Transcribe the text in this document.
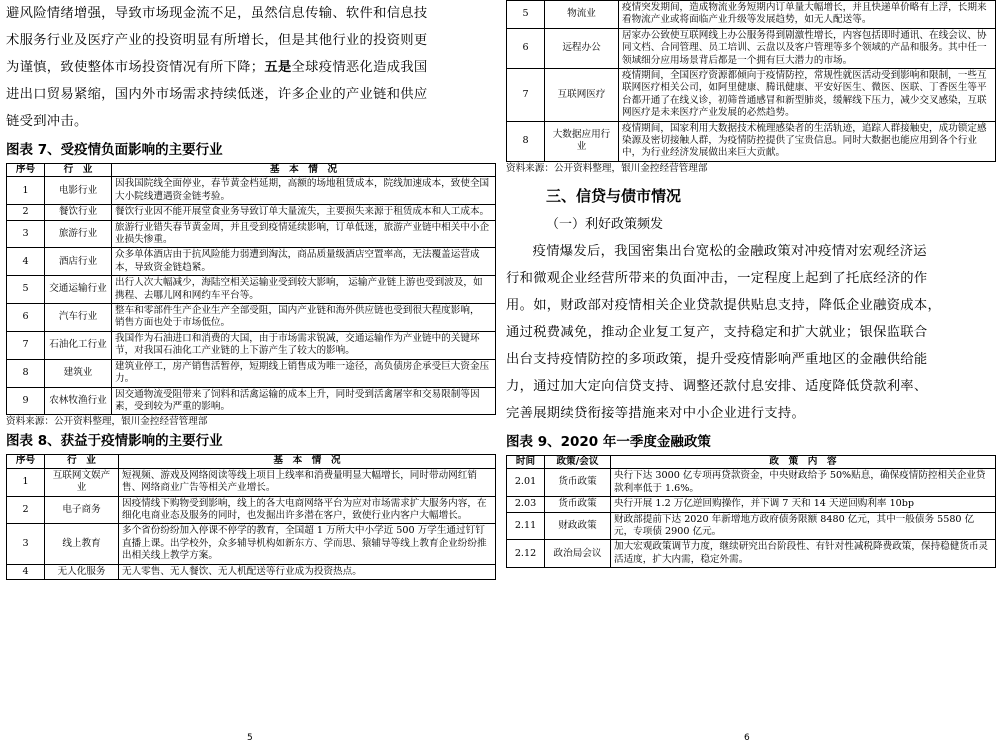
避风险情绪增强，导致市场现金流不足，虽然信息传输、软件和信息技

术服务行业及医疗产业的投资明显有所增长，但是其他行业的投资则更

为谨慎，致使整体市场投资情况有所下降；五是全球疫情恶化造成我国

进出口贸易紧缩，国内外市场需求持续低迷，许多企业的产业链和供应

链受到冲击。

图表 7、受疫情负面影响的主要行业

序号	行　业	基　本　情　况
1	电影行业	因我国院线全面停业，春节黄金档延期，高额的场地租赁成本，院线加速成本，致使全国大小院线遭遇资金链考验。
2	餐饮行业	餐饮行业因不能开展堂食业务导致订单大量流失，主要损失来源于租赁成本和人工成本。
3	旅游行业	旅游行业错失春节黄金周，并且受到疫情延续影响，订单低迷，旅游产业链中相关中小企业损失惨重。
4	酒店行业	众多单体酒店由于抗风险能力弱遭到淘汰，商品质量级酒店空置率高，无法覆盖运营成本，导致资金链趋紧。
5	交通运输行业	出行人次大幅减少，海陆空相关运输业受到较大影响， 运输产业链上游也受到波及，如携程、去哪儿网和网约车平台等。
6	汽车行业	整车和零部件生产企业生产全部受阻，国内产业链和海外供应链也受到很大程度影响， 销售方面也处于市场低位。
7	石油化工行业	我国作为石油进口和消费的大国，由于市场需求锐减，交通运输作为产业链中的关键环节，对我国石油化工产业链的上下游产生了较大的影响。
8	建筑业	建筑业停工，房产销售活暂停，短期线上销售成为唯一途径，高负债房企承受巨大资金压力。
9	农林牧渔行业	因交通物流受阻带来了饲料和活禽运输的成本上升，同时受到活禽屠宰和交易限制等因素，受到较为严重的影响。

资料来源：公开资料整理，银川金控经营管理部

图表 8、获益于疫情影响的主要行业

序号	行　业	基　本　情　况
1	互联网文娱产业	短视频、游戏及网络阅读等线上项目上线率和消费量明显大幅增长，同时带动网红销售、网络商业广告等相关产业增长。
2	电子商务	因疫情线下购物受到影响，线上的各大电商网络平台为应对市场需求扩大服务内容，在细化电商业态及服务的同时，也发掘出许多潜在客户，致使行业内客户大幅增长。
3	线上教育	多个省份纷纷加入停课不停学的教育，全国超 1 万所大中小学近 500 万学生通过钉钉直播上课。出学校外，众多辅导机构如新东方、学而思、猿辅导等线上教育企业纷纷推出相关线上教学方案。
4	无人化服务	无人零售、无人餐饮、无人机配送等行业成为投资热点。
5
5	物流业	疫情突发期间，造成物流业务短期内订单量大幅增长，并且快递单价略有上浮，长期来看物流产业或将面临产业升级等发展趋势，如无人配送等。
6	远程办公	居家办公致使互联网线上办公服务得到剧激性增长，内容包括即时通讯、在线会议、协同文档、合同管理、员工培训、云盘以及客户管理等多个领域的产品和服务。其中任一领域细分应用场景背后都是一个拥有巨大潜力的市场。
7	互联网医疗	疫情期间，全国医疗资源都倾向于疫情防控，常规性就医活动受到影响和限制，一些互联网医疗相关公司，如阿里健康、腾讯健康、平安好医生、微医、医联、丁香医生等平台都开通了在线义诊，初筛普通感冒和新型肺炎，缓解线下压力，减少交叉感染，互联网医疗是未来医疗产业发展的必然趋势。
8	大数据应用行业	疫情期间，国家利用大数据技术梳理感染者的生活轨迹，追踪人群接触史，成功锁定感染源及密切接触人群，为疫情防控提供了宝贵信息。同时大数据也能应用到各个行业中，为行业经济发展做出来巨大贡献。

资料来源：公开资料整理，银川金控经营管理部

三、信贷与债市情况

（一）利好政策频发

疫情爆发后，我国密集出台宽松的金融政策对冲疫情对宏观经济运

行和微观企业经营所带来的负面冲击，一定程度上起到了托底经济的作

用。如，财政部对疫情相关企业贷款提供贴息支持，降低企业融资成本，

通过税费减免，推动企业复工复产，支持稳定和扩大就业；银保监联合

出台支持疫情防控的多项政策，提升受疫情影响严重地区的金融供给能

力，通过加大定向信贷支持、调整还款付息安排、适度降低贷款利率、

完善展期续贷衔接等措施来对中小企业进行支持。

图表 9、2020 年一季度金融政策

时间	政策/会议	政　策　内　容
2.01	货币政策	央行下达 3000 亿专项再贷款资金，中央财政给予 50%贴息，确保疫情防控相关企业贷款利率低于 1.6%。
2.03	货币政策	央行开展 1.2 万亿逆回购操作，并下调 7 天和 14 天逆回购利率 10bp
2.11	财政政策	财政部提前下达 2020 年新增地方政府债务限额 8480 亿元，其中一般债务 5580 亿元，专项债 2900 亿元。
2.12	政治局会议	加大宏观政策调节力度，继续研究出台阶段性、有针对性减税降费政策，保持稳健货币灵活适度，扩大内需，稳定外需。
6
